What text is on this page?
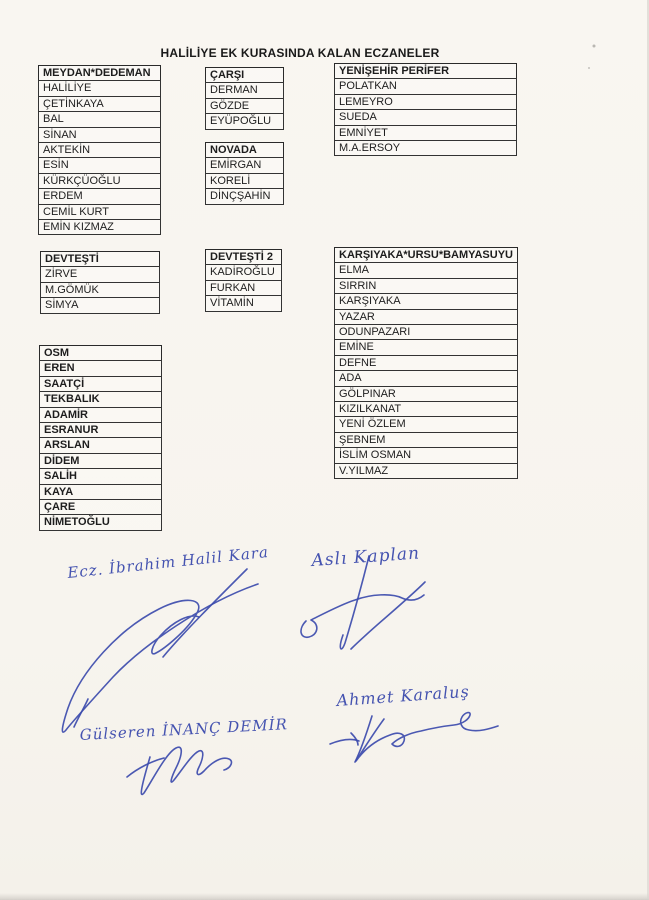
HALİLİYE EK KURASINDA KALAN ECZANELER
MEYDAN*DEDEMAN
HALİLİYE
ÇETİNKAYA
BAL
SİNAN
AKTEKİN
ESİN
KÜRKÇÜOĞLU
ERDEM
CEMİL KURT
EMİN KIZMAZ
ÇARŞI
DERMAN
GÖZDE
EYÜPOĞLU
YENİŞEHİR PERİFER
POLATKAN
LEMEYRO
SUEDA
EMNİYET
M.A.ERSOY
NOVADA
EMİRGAN
KORELİ
DİNÇŞAHİN
DEVTEŞTİ
ZİRVE
M.GÖMÜK
SİMYA
DEVTEŞTİ 2
KADİROĞLU
FURKAN
VİTAMİN
KARŞIYAKA*URSU*BAMYASUYU
ELMA
SIRRIN
KARŞIYAKA
YAZAR
ODUNPAZARI
EMİNE
DEFNE
ADA
GÖLPINAR
KIZILKANAT
YENİ ÖZLEM
ŞEBNEM
İSLİM OSMAN
V.YILMAZ
OSM
EREN
SAATÇİ
TEKBALIK
ADAMİR
ESRANUR
ARSLAN
DİDEM
SALİH
KAYA
ÇARE
NİMETOĞLU
Ecz. İbrahim Halil Kara Aslı Kaplan
Ahmet Karaluş
Gülseren İNANÇ DEMİR
